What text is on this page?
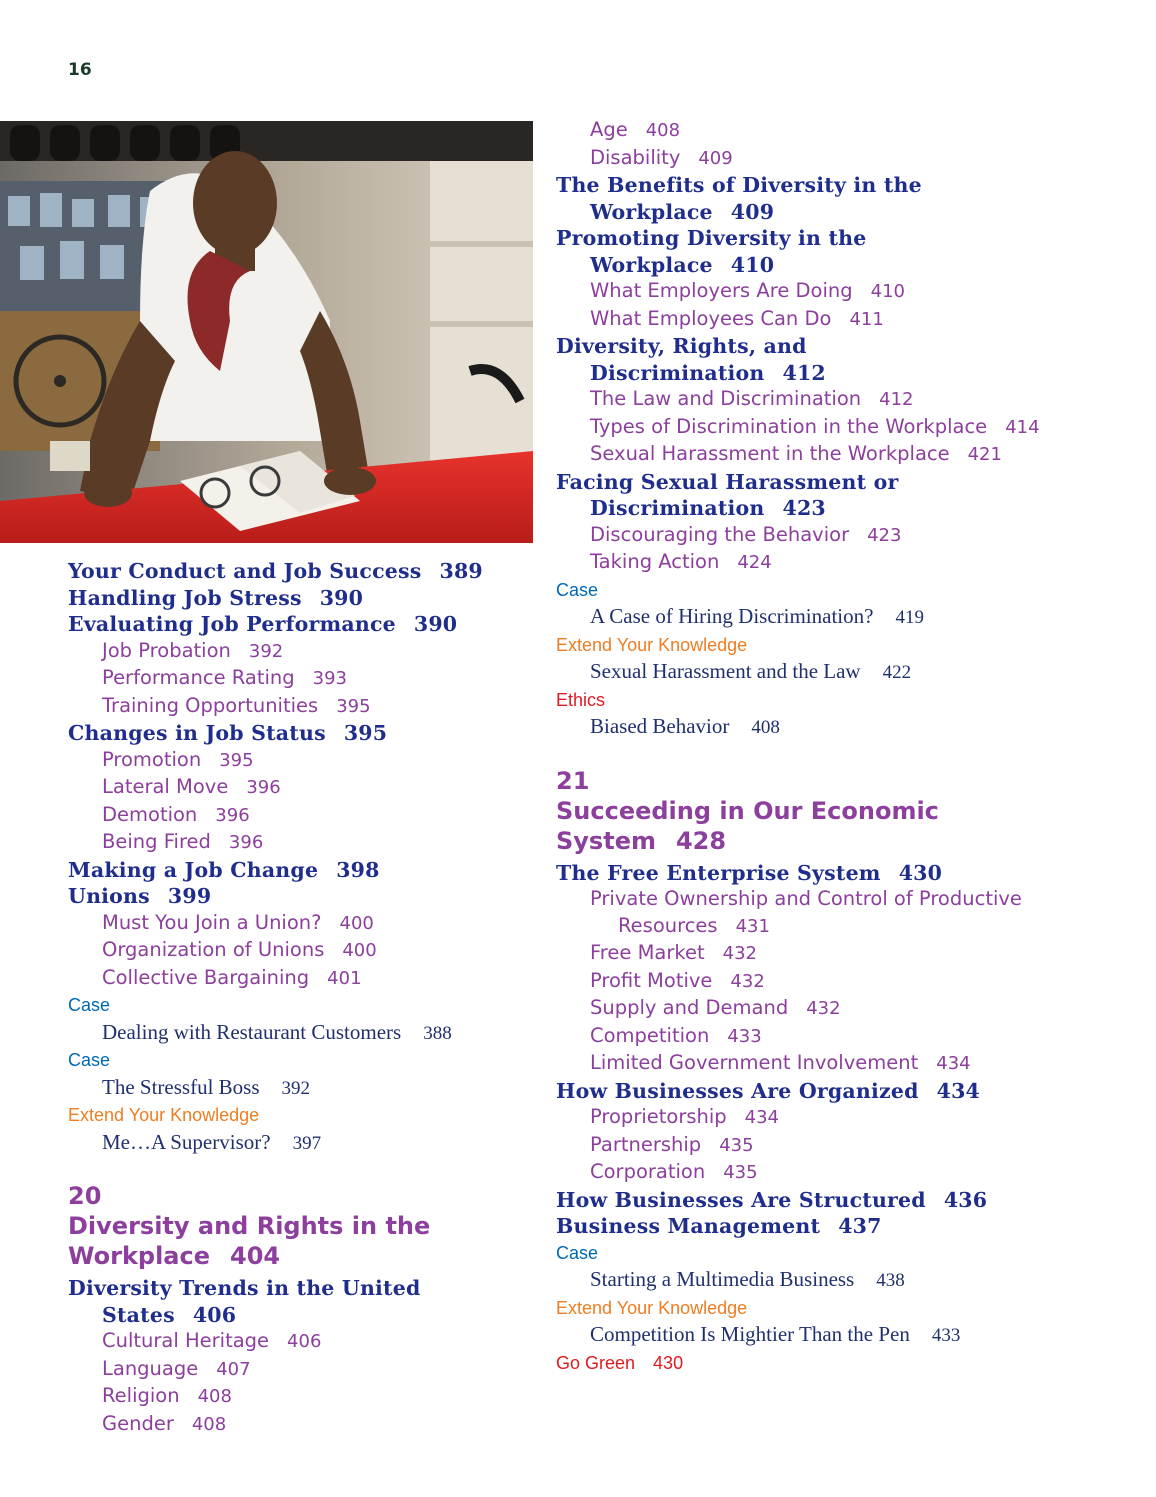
16
Your Conduct and Job Success 389
Handling Job Stress 390
Evaluating Job Performance 390
Job Probation 392
Performance Rating 393
Training Opportunities 395
Changes in Job Status 395
Promotion 395
Lateral Move 396
Demotion 396
Being Fired 396
Making a Job Change 398
Unions 399
Must You Join a Union? 400
Organization of Unions 400
Collective Bargaining 401
Case
Dealing with Restaurant Customers 388
Case
The Stressful Boss 392
Extend Your Knowledge
Me…A Supervisor? 397
20
Diversity and Rights in the
Workplace 404
Diversity Trends in the United States 406
Cultural Heritage 406
Language 407
Religion 408
Gender 408
Age 408
Disability 409
The Benefits of Diversity in the Workplace 409
Promoting Diversity in the Workplace 410
What Employers Are Doing 410
What Employees Can Do 411
Diversity, Rights, and Discrimination 412
The Law and Discrimination 412
Types of Discrimination in the Workplace 414
Sexual Harassment in the Workplace 421
Facing Sexual Harassment or Discrimination 423
Discouraging the Behavior 423
Taking Action 424
Case
A Case of Hiring Discrimination? 419
Extend Your Knowledge
Sexual Harassment and the Law 422
Ethics
Biased Behavior 408
21
Succeeding in Our Economic
System 428
The Free Enterprise System 430
Private Ownership and Control of Productive Resources 431
Free Market 432
Profit Motive 432
Supply and Demand 432
Competition 433
Limited Government Involvement 434
How Businesses Are Organized 434
Proprietorship 434
Partnership 435
Corporation 435
How Businesses Are Structured 436
Business Management 437
Case
Starting a Multimedia Business 438
Extend Your Knowledge
Competition Is Mightier Than the Pen 433
Go Green 430
